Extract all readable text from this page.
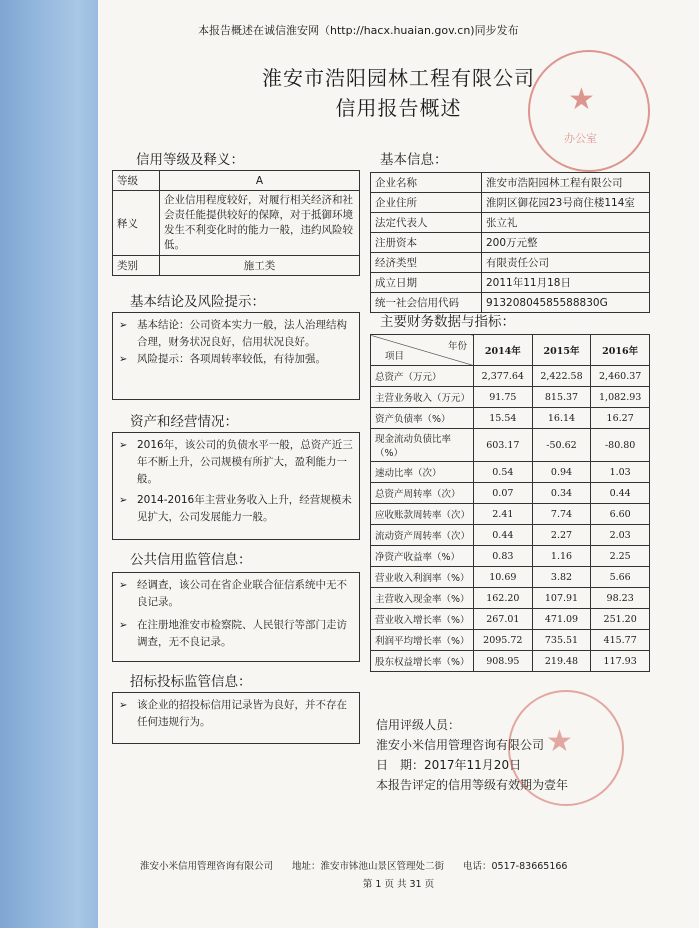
本报告概述在诚信淮安网（http://hacx.huaian.gov.cn)同步发布
淮安市浩阳园林工程有限公司
信用报告概述	★
办公室
信用等级及释义：
等级	A
释义	企业信用程度较好，对履行相关经济和社会责任能提供较好的保障，对于抵御环境发生不利变化时的能力一般，违约风险较低。
类别	施工类
基本信息：
企业名称	淮安市浩阳园林工程有限公司
企业住所	淮阴区御花园23号商住楼114室
法定代表人	张立礼
注册资本	200万元整
经济类型	有限责任公司
成立日期	2011年11月18日
统一社会信用代码	91320804585588830G
基本结论及风险提示：
➢ 基本结论：公司资本实力一般，法人治理结构合理，财务状况良好，信用状况良好。
➢ 风险提示：各项周转率较低，有待加强。
资产和经营情况：
➢ 2016年，该公司的负债水平一般，总资产近三年不断上升，公司规模有所扩大，盈利能力一般。
➢ 2014-2016年主营业务收入上升，经营规模未见扩大，公司发展能力一般。
公共信用监管信息：
➢ 经调查，该公司在省企业联合征信系统中无不良记录。
➢ 在注册地淮安市检察院、人民银行等部门走访调查，无不良记录。
招标投标监管信息：
➢ 该企业的招投标信用记录皆为良好，并不存在任何违规行为。
主要财务数据与指标：
年份
项目	2014年	2015年	2016年
总资产（万元）	2,377.64	2,422.58	2,460.37
主营业务收入（万元）	91.75	815.37	1,082.93
资产负债率（%）	15.54	16.14	16.27
现金流动负债比率（%）	603.17	-50.62	-80.80
速动比率（次）	0.54	0.94	1.03
总资产周转率（次）	0.07	0.34	0.44
应收账款周转率（次）	2.41	7.74	6.60
流动资产周转率（次）	0.44	2.27	2.03
净资产收益率（%）	0.83	1.16	2.25
营业收入利润率（%）	10.69	3.82	5.66
主营收入现金率（%）	162.20	107.91	98.23
营业收入增长率（%）	267.01	471.09	251.20
利润平均增长率（%）	2095.72	735.51	415.77
股东权益增长率（%）	908.95	219.48	117.93
信用评级人员：
淮安小米信用管理咨询有限公司
日　期：2017年11月20日
本报告评定的信用等级有效期为壹年
★
淮安小米信用管理咨询有限公司　　地址：淮安市钵池山景区管理处二街　　电话：0517-83665166
第 1 页 共 31 页
